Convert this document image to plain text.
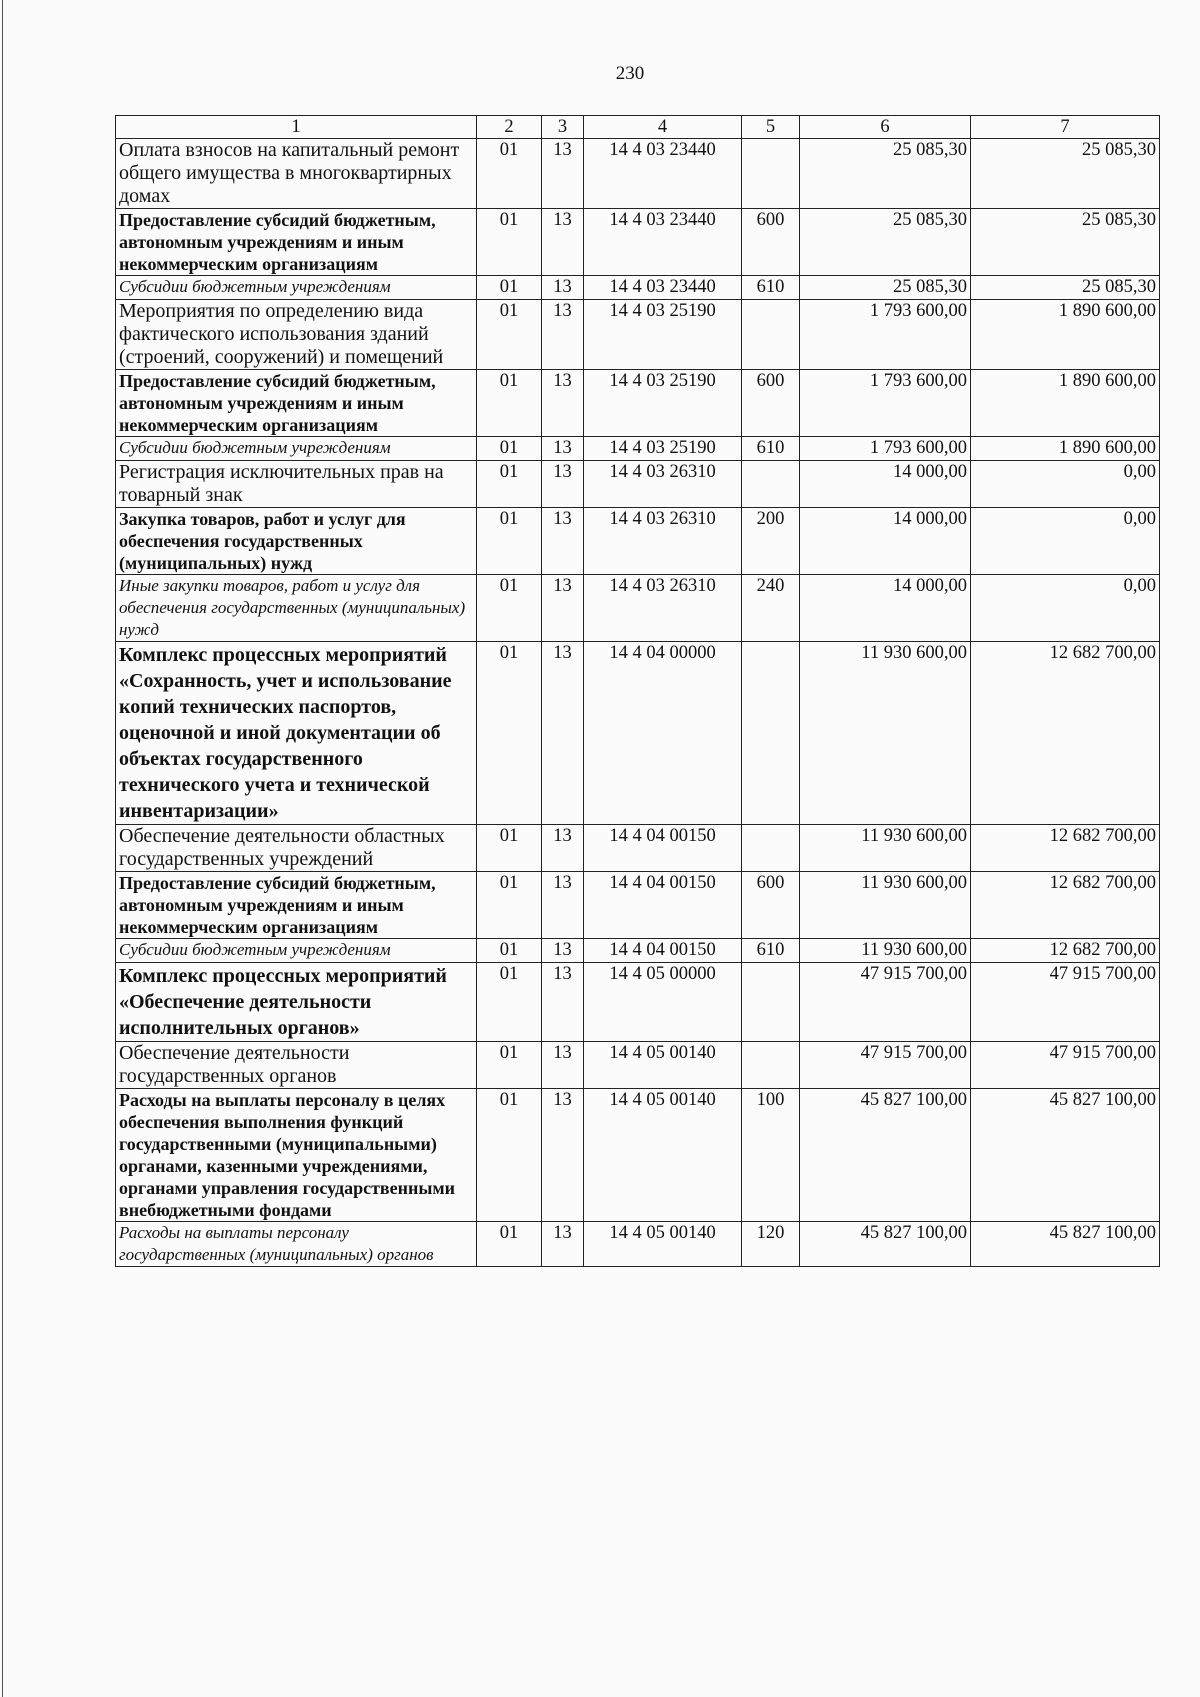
230
1	2	3	4	5	6	7
Оплата взносов на капитальный ремонт общего имущества в многоквартирных домах	01	13	14 4 03 23440		25 085,30	25 085,30
Предоставление субсидий бюджетным, автономным учреждениям и иным некоммерческим организациям	01	13	14 4 03 23440	600	25 085,30	25 085,30
Субсидии бюджетным учреждениям	01	13	14 4 03 23440	610	25 085,30	25 085,30
Мероприятия по определению вида фактического использования зданий (строений, сооружений) и помещений	01	13	14 4 03 25190		1 793 600,00	1 890 600,00
Предоставление субсидий бюджетным, автономным учреждениям и иным некоммерческим организациям	01	13	14 4 03 25190	600	1 793 600,00	1 890 600,00
Субсидии бюджетным учреждениям	01	13	14 4 03 25190	610	1 793 600,00	1 890 600,00
Регистрация исключительных прав на товарный знак	01	13	14 4 03 26310		14 000,00	0,00
Закупка товаров, работ и услуг для обеспечения государственных (муниципальных) нужд	01	13	14 4 03 26310	200	14 000,00	0,00
Иные закупки товаров, работ и услуг для обеспечения государственных (муниципальных) нужд	01	13	14 4 03 26310	240	14 000,00	0,00
Комплекс процессных мероприятий «Сохранность, учет и использование копий технических паспортов, оценочной и иной документации об объектах государственного технического учета и технической инвентаризации»	01	13	14 4 04 00000		11 930 600,00	12 682 700,00
Обеспечение деятельности областных государственных учреждений	01	13	14 4 04 00150		11 930 600,00	12 682 700,00
Предоставление субсидий бюджетным, автономным учреждениям и иным некоммерческим организациям	01	13	14 4 04 00150	600	11 930 600,00	12 682 700,00
Субсидии бюджетным учреждениям	01	13	14 4 04 00150	610	11 930 600,00	12 682 700,00
Комплекс процессных мероприятий «Обеспечение деятельности исполнительных органов»	01	13	14 4 05 00000		47 915 700,00	47 915 700,00
Обеспечение деятельности государственных органов	01	13	14 4 05 00140		47 915 700,00	47 915 700,00
Расходы на выплаты персоналу в целях обеспечения выполнения функций государственными (муниципальными) органами, казенными учреждениями, органами управления государственными внебюджетными фондами	01	13	14 4 05 00140	100	45 827 100,00	45 827 100,00
Расходы на выплаты персоналу государственных (муниципальных) органов	01	13	14 4 05 00140	120	45 827 100,00	45 827 100,00
